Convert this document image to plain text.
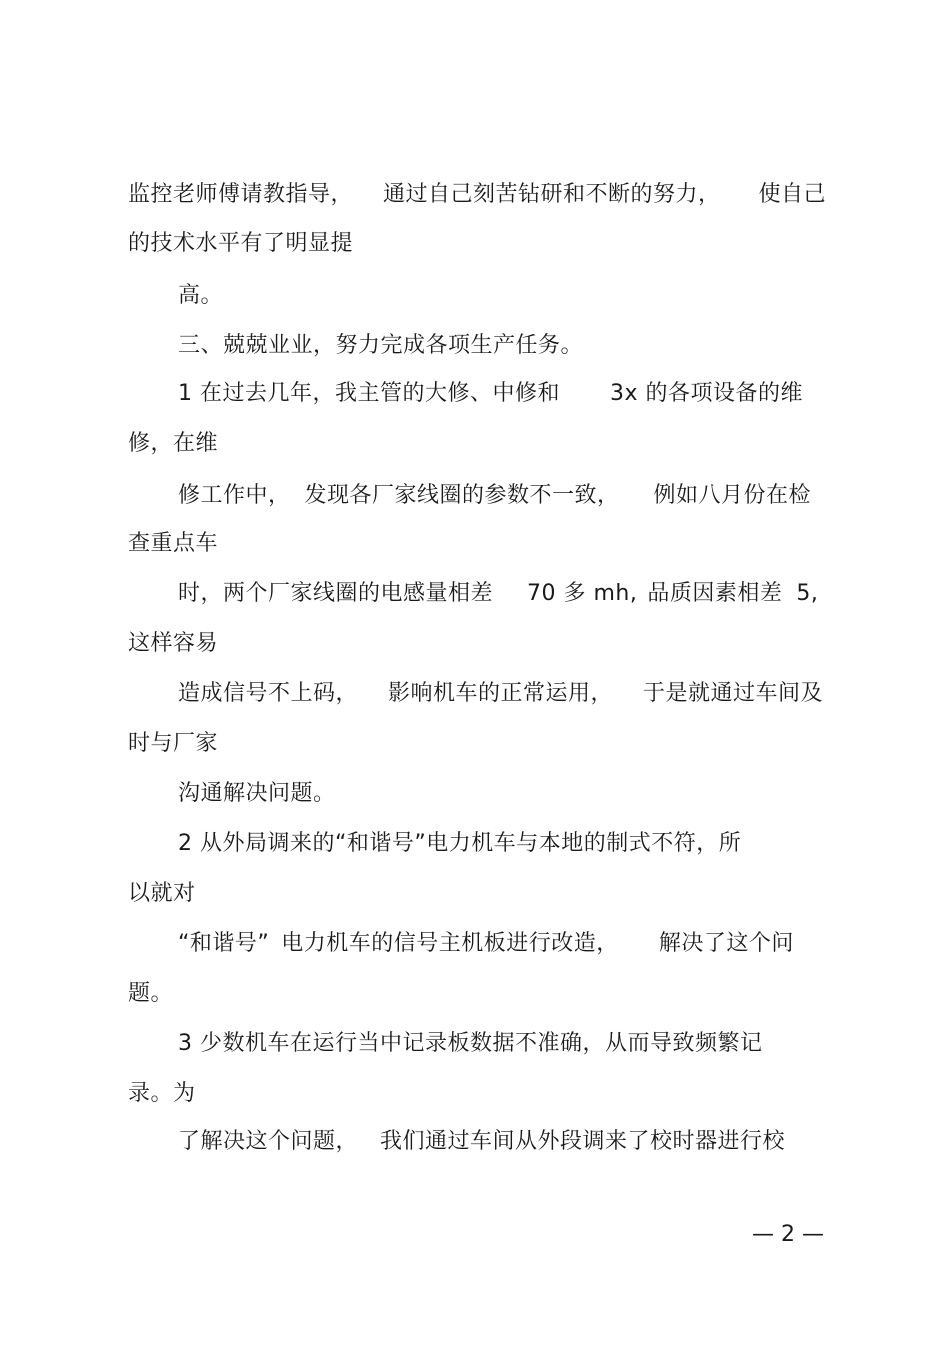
监控老师傅请教指导， 通过自己刻苦钻研和不断的努力， 使自己
的技术水平有了明显提
高。
三、兢兢业业，努力完成各项生产任务。
1 在过去几年，我主管的大修、中修和 3x 的各项设备的维
修，在维
修工作中， 发现各厂家线圈的参数不一致， 例如八月份在检
查重点车
时，两个厂家线圈的电感量相差 70 多 mh, 品质因素相差 5,
这样容易
造成信号不上码， 影响机车的正常运用， 于是就通过车间及
时与厂家
沟通解决问题。
2 从外局调来的“和谐号”电力机车与本地的制式不符，所
以就对
“和谐号” 电力机车的信号主机板进行改造， 解决了这个问
题。
3 少数机车在运行当中记录板数据不准确，从而导致频繁记
录。为
了解决这个问题， 我们通过车间从外段调来了校时器进行校
— 2 —
